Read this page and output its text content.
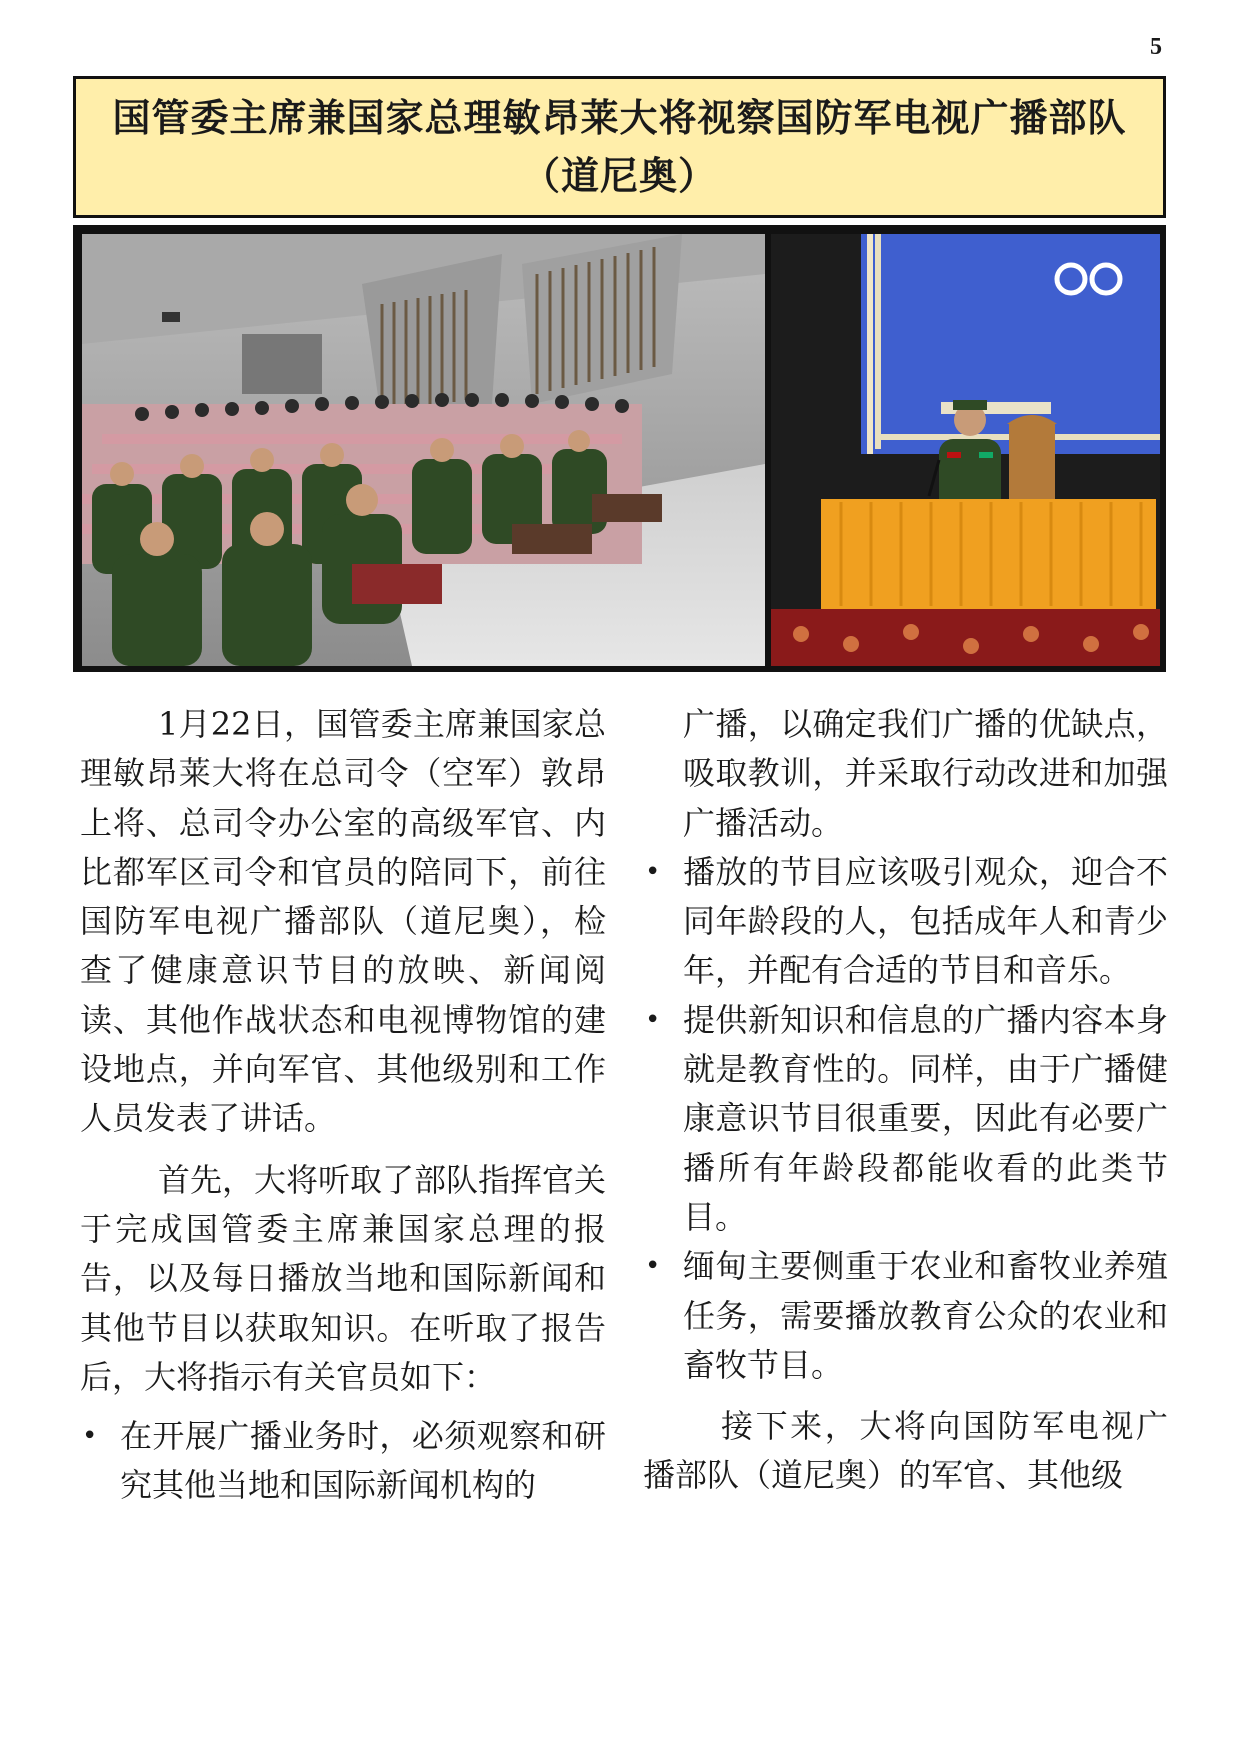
5
国管委主席兼国家总理敏昂莱大将视察国防军电视广播部队（道尼奥）

1月22日，国管委主席兼国家总理敏昂莱大将在总司令（空军）敦昂上将、总司令办公室的高级军官、内比都军区司令和官员的陪同下，前往国防军电视广播部队（道尼奥），检查了健康意识节目的放映、新闻阅读、其他作战状态和电视博物馆的建设地点，并向军官、其他级别和工作人员发表了讲话。

首先，大将听取了部队指挥官关于完成国管委主席兼国家总理的报告，以及每日播放当地和国际新闻和其他节目以获取知识。在听取了报告后，大将指示有关官员如下：

• 在开展广播业务时，必须观察和研究其他当地和国际新闻机构的

广播，以确定我们广播的优缺点，吸取教训，并采取行动改进和加强广播活动。

• 播放的节目应该吸引观众，迎合不同年龄段的人，包括成年人和青少年，并配有合适的节目和音乐。

• 提供新知识和信息的广播内容本身就是教育性的。同样，由于广播健康意识节目很重要，因此有必要广播所有年龄段都能收看的此类节目。

• 缅甸主要侧重于农业和畜牧业养殖任务，需要播放教育公众的农业和畜牧节目。

接下来，大将向国防军电视广播部队（道尼奥）的军官、其他级
